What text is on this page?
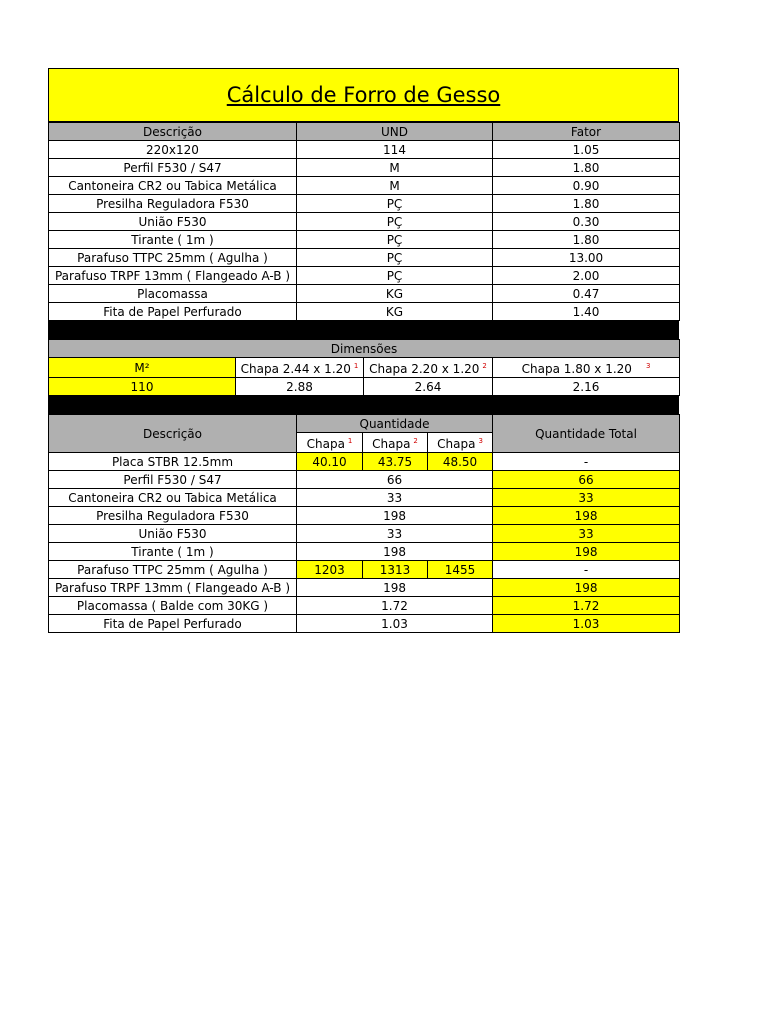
Cálculo de Forro de Gesso
Descrição	UND	Fator
220x120	114	1.05
Perfil F530 / S47	M	1.80
Cantoneira CR2 ou Tabica Metálica	M	0.90
Presilha Reguladora F530	PÇ	1.80
União F530	PÇ	0.30
Tirante ( 1m )	PÇ	1.80
Parafuso TTPC 25mm ( Agulha )	PÇ	13.00
Parafuso TRPF 13mm ( Flangeado A-B )	PÇ	2.00
Placomassa	KG	0.47
Fita de Papel Perfurado	KG	1.40
Dimensões			
M²	Chapa 2.44 x 1.20 $^1$	Chapa 2.20 x 1.20 $^2$	Chapa 1.80 x 1.20 $^3$
110	2.88	2.64	2.16
Descrição	Quantidade			Quantidade Total
	Chapa $^1$	Chapa $^2$	Chapa $^3$
Placa STBR 12.5mm	40.10	43.75	48.50	-
Perfil F530 / S47	66			66
Cantoneira CR2 ou Tabica Metálica	33			33
Presilha Reguladora F530	198			198
União F530	33			33
Tirante ( 1m )	198			198
Parafuso TTPC 25mm ( Agulha )	1203	1313	1455	-
Parafuso TRPF 13mm ( Flangeado A-B )	198			198
Placomassa ( Balde com 30KG )	1.72			1.72
Fita de Papel Perfurado	1.03			1.03
